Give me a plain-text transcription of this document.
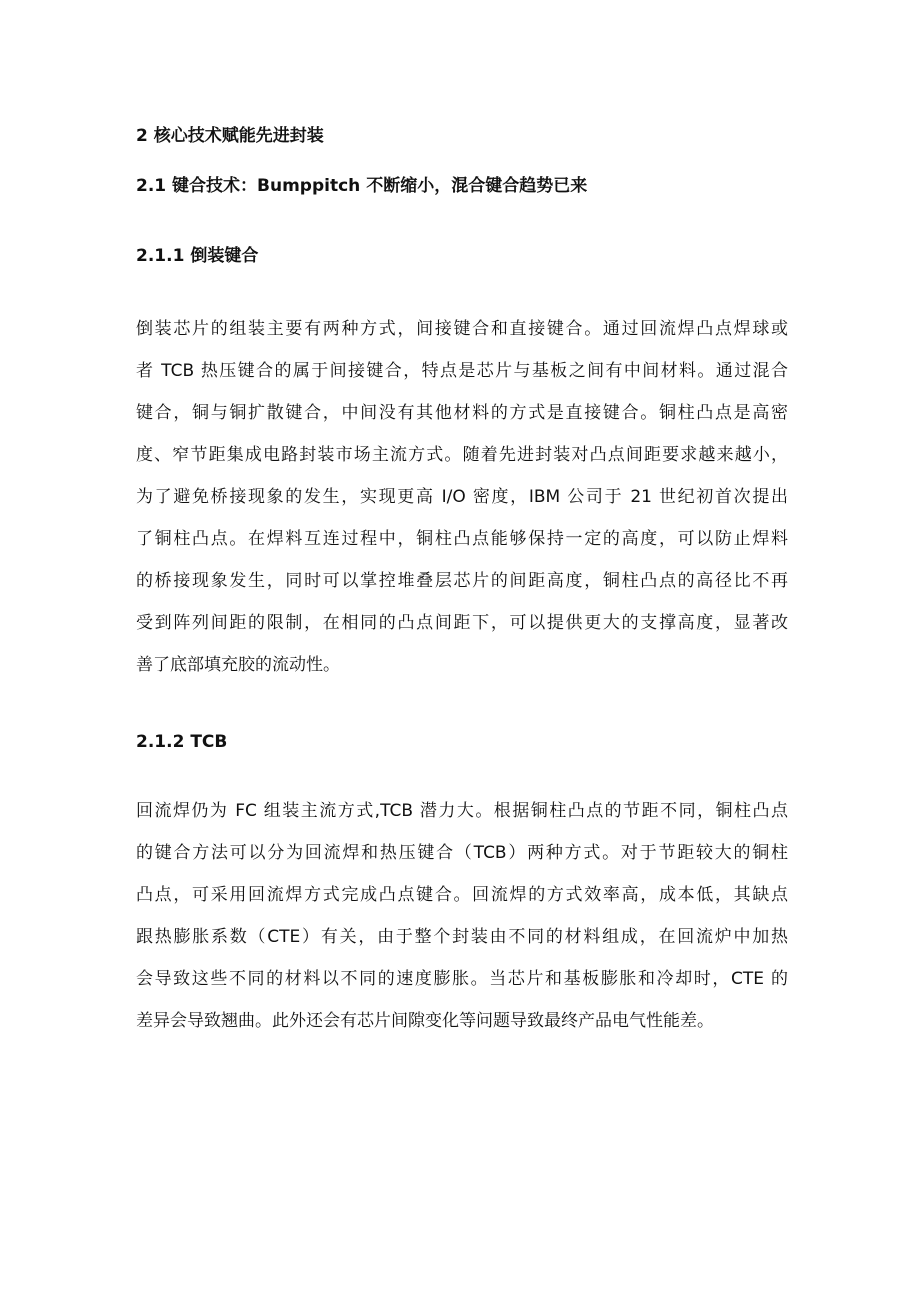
2 核心技术赋能先进封装
2.1 键合技术：Bumppitch 不断缩小，混合键合趋势已来
2.1.1 倒装键合
倒装芯片的组装主要有两种方式，间接键合和直接键合。通过回流焊凸点焊球或
者 TCB 热压键合的属于间接键合，特点是芯片与基板之间有中间材料。通过混合
键合，铜与铜扩散键合，中间没有其他材料的方式是直接键合。铜柱凸点是高密
度、窄节距集成电路封装市场主流方式。随着先进封装对凸点间距要求越来越小，
为了避免桥接现象的发生，实现更高 I/O 密度，IBM 公司于 21 世纪初首次提出
了铜柱凸点。在焊料互连过程中，铜柱凸点能够保持一定的高度，可以防止焊料
的桥接现象发生，同时可以掌控堆叠层芯片的间距高度，铜柱凸点的高径比不再
受到阵列间距的限制，在相同的凸点间距下，可以提供更大的支撑高度，显著改
善了底部填充胶的流动性。
2.1.2 TCB
回流焊仍为 FC 组装主流方式,TCB 潜力大。根据铜柱凸点的节距不同，铜柱凸点
的键合方法可以分为回流焊和热压键合（TCB）两种方式。对于节距较大的铜柱
凸点，可采用回流焊方式完成凸点键合。回流焊的方式效率高，成本低，其缺点
跟热膨胀系数（CTE）有关，由于整个封装由不同的材料组成，在回流炉中加热
会导致这些不同的材料以不同的速度膨胀。当芯片和基板膨胀和冷却时，CTE 的
差异会导致翘曲。此外还会有芯片间隙变化等问题导致最终产品电气性能差。
